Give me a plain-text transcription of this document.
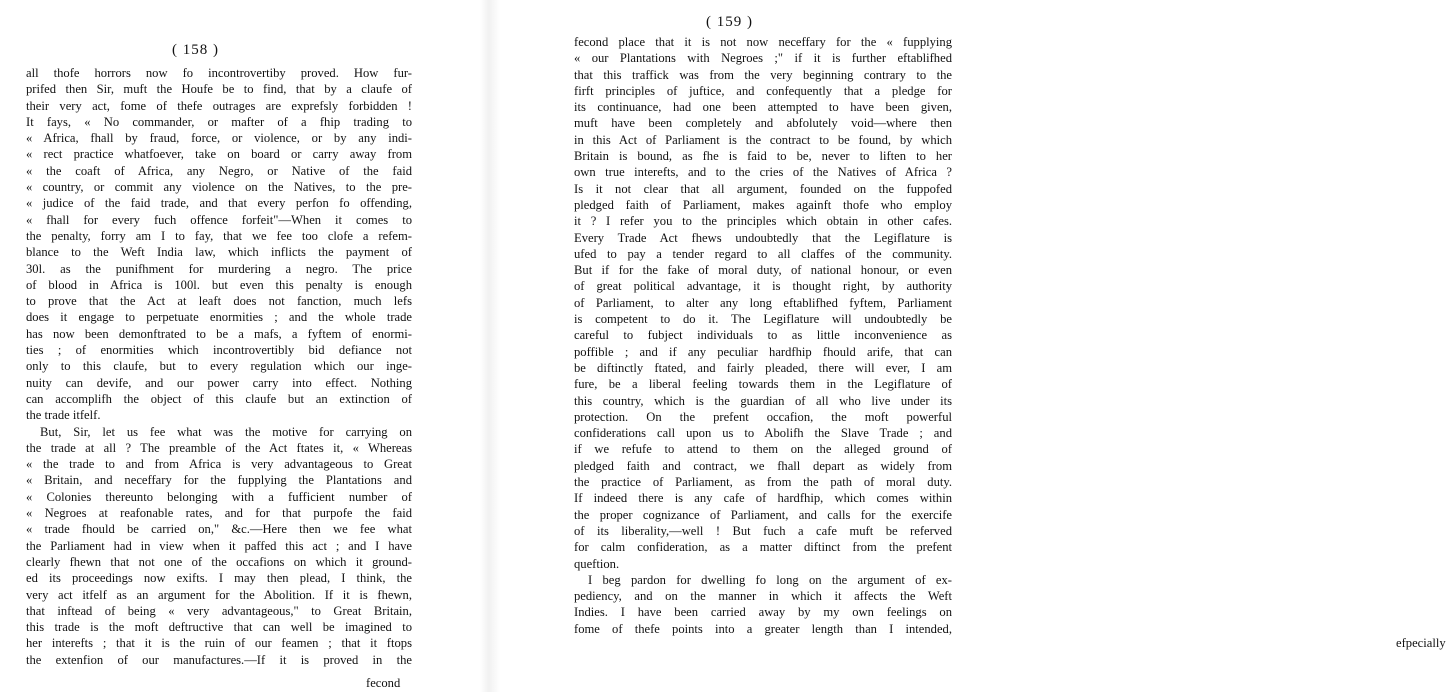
( 158 )
all thofe horrors now fo incontrovertiby proved. How fur-
prifed then Sir, muft the Houfe be to find, that by a claufe of
their very act, fome of thefe outrages are exprefsly forbidden !
It fays, « No commander, or mafter of a fhip trading to
« Africa, fhall by fraud, force, or violence, or by any indi-
« rect practice whatfoever, take on board or carry away from
« the coaft of Africa, any Negro, or Native of the faid
« country, or commit any violence on the Natives, to the pre-
« judice of the faid trade, and that every perfon fo offending,
« fhall for every fuch offence forfeit"—When it comes to
the penalty, forry am I to fay, that we fee too clofe a refem-
blance to the Weft India law, which inflicts the payment of
30l. as the punifhment for murdering a negro. The price
of blood in Africa is 100l. but even this penalty is enough
to prove that the Act at leaft does not fanction, much lefs
does it engage to perpetuate enormities ; and the whole trade
has now been demonftrated to be a mafs, a fyftem of enormi-
ties ; of enormities which incontrovertibly bid defiance not
only to this claufe, but to every regulation which our inge-
nuity can devife, and our power carry into effect. Nothing
can accomplifh the object of this claufe but an extinction of
the trade itfelf.
But, Sir, let us fee what was the motive for carrying on
the trade at all ? The preamble of the Act ftates it, « Whereas
« the trade to and from Africa is very advantageous to Great
« Britain, and neceffary for the fupplying the Plantations and
« Colonies thereunto belonging with a fufficient number of
« Negroes at reafonable rates, and for that purpofe the faid
« trade fhould be carried on," &c.—Here then we fee what
the Parliament had in view when it paffed this act ; and I have
clearly fhewn that not one of the occafions on which it ground-
ed its proceedings now exifts. I may then plead, I think, the
very act itfelf as an argument for the Abolition. If it is fhewn,
that inftead of being « very advantageous," to Great Britain,
this trade is the moft deftructive that can well be imagined to
her interefts ; that it is the ruin of our feamen ; that it ftops
the extenfion of our manufactures.—If it is proved in the
fecond
( 159 )
fecond place that it is not now neceffary for the « fupplying
« our Plantations with Negroes ;" if it is further eftablifhed
that this traffick was from the very beginning contrary to the
firft principles of juftice, and confequently that a pledge for
its continuance, had one been attempted to have been given,
muft have been completely and abfolutely void—where then
in this Act of Parliament is the contract to be found, by which
Britain is bound, as fhe is faid to be, never to liften to her
own true interefts, and to the cries of the Natives of Africa ?
Is it not clear that all argument, founded on the fuppofed
pledged faith of Parliament, makes againft thofe who employ
it ? I refer you to the principles which obtain in other cafes.
Every Trade Act fhews undoubtedly that the Legiflature is
ufed to pay a tender regard to all claffes of the community.
But if for the fake of moral duty, of national honour, or even
of great political advantage, it is thought right, by authority
of Parliament, to alter any long eftablifhed fyftem, Parliament
is competent to do it. The Legiflature will undoubtedly be
careful to fubject individuals to as little inconvenience as
poffible ; and if any peculiar hardfhip fhould arife, that can
be diftinctly ftated, and fairly pleaded, there will ever, I am
fure, be a liberal feeling towards them in the Legiflature of
this country, which is the guardian of all who live under its
protection. On the prefent occafion, the moft powerful
confiderations call upon us to Abolifh the Slave Trade ; and
if we refufe to attend to them on the alleged ground of
pledged faith and contract, we fhall depart as widely from
the practice of Parliament, as from the path of moral duty.
If indeed there is any cafe of hardfhip, which comes within
the proper cognizance of Parliament, and calls for the exercife
of its liberality,—well ! But fuch a cafe muft be referved
for calm confideration, as a matter diftinct from the prefent
queftion.
I beg pardon for dwelling fo long on the argument of ex-
pediency, and on the manner in which it affects the Weft
Indies. I have been carried away by my own feelings on
fome of thefe points into a greater length than I intended,
efpecially
